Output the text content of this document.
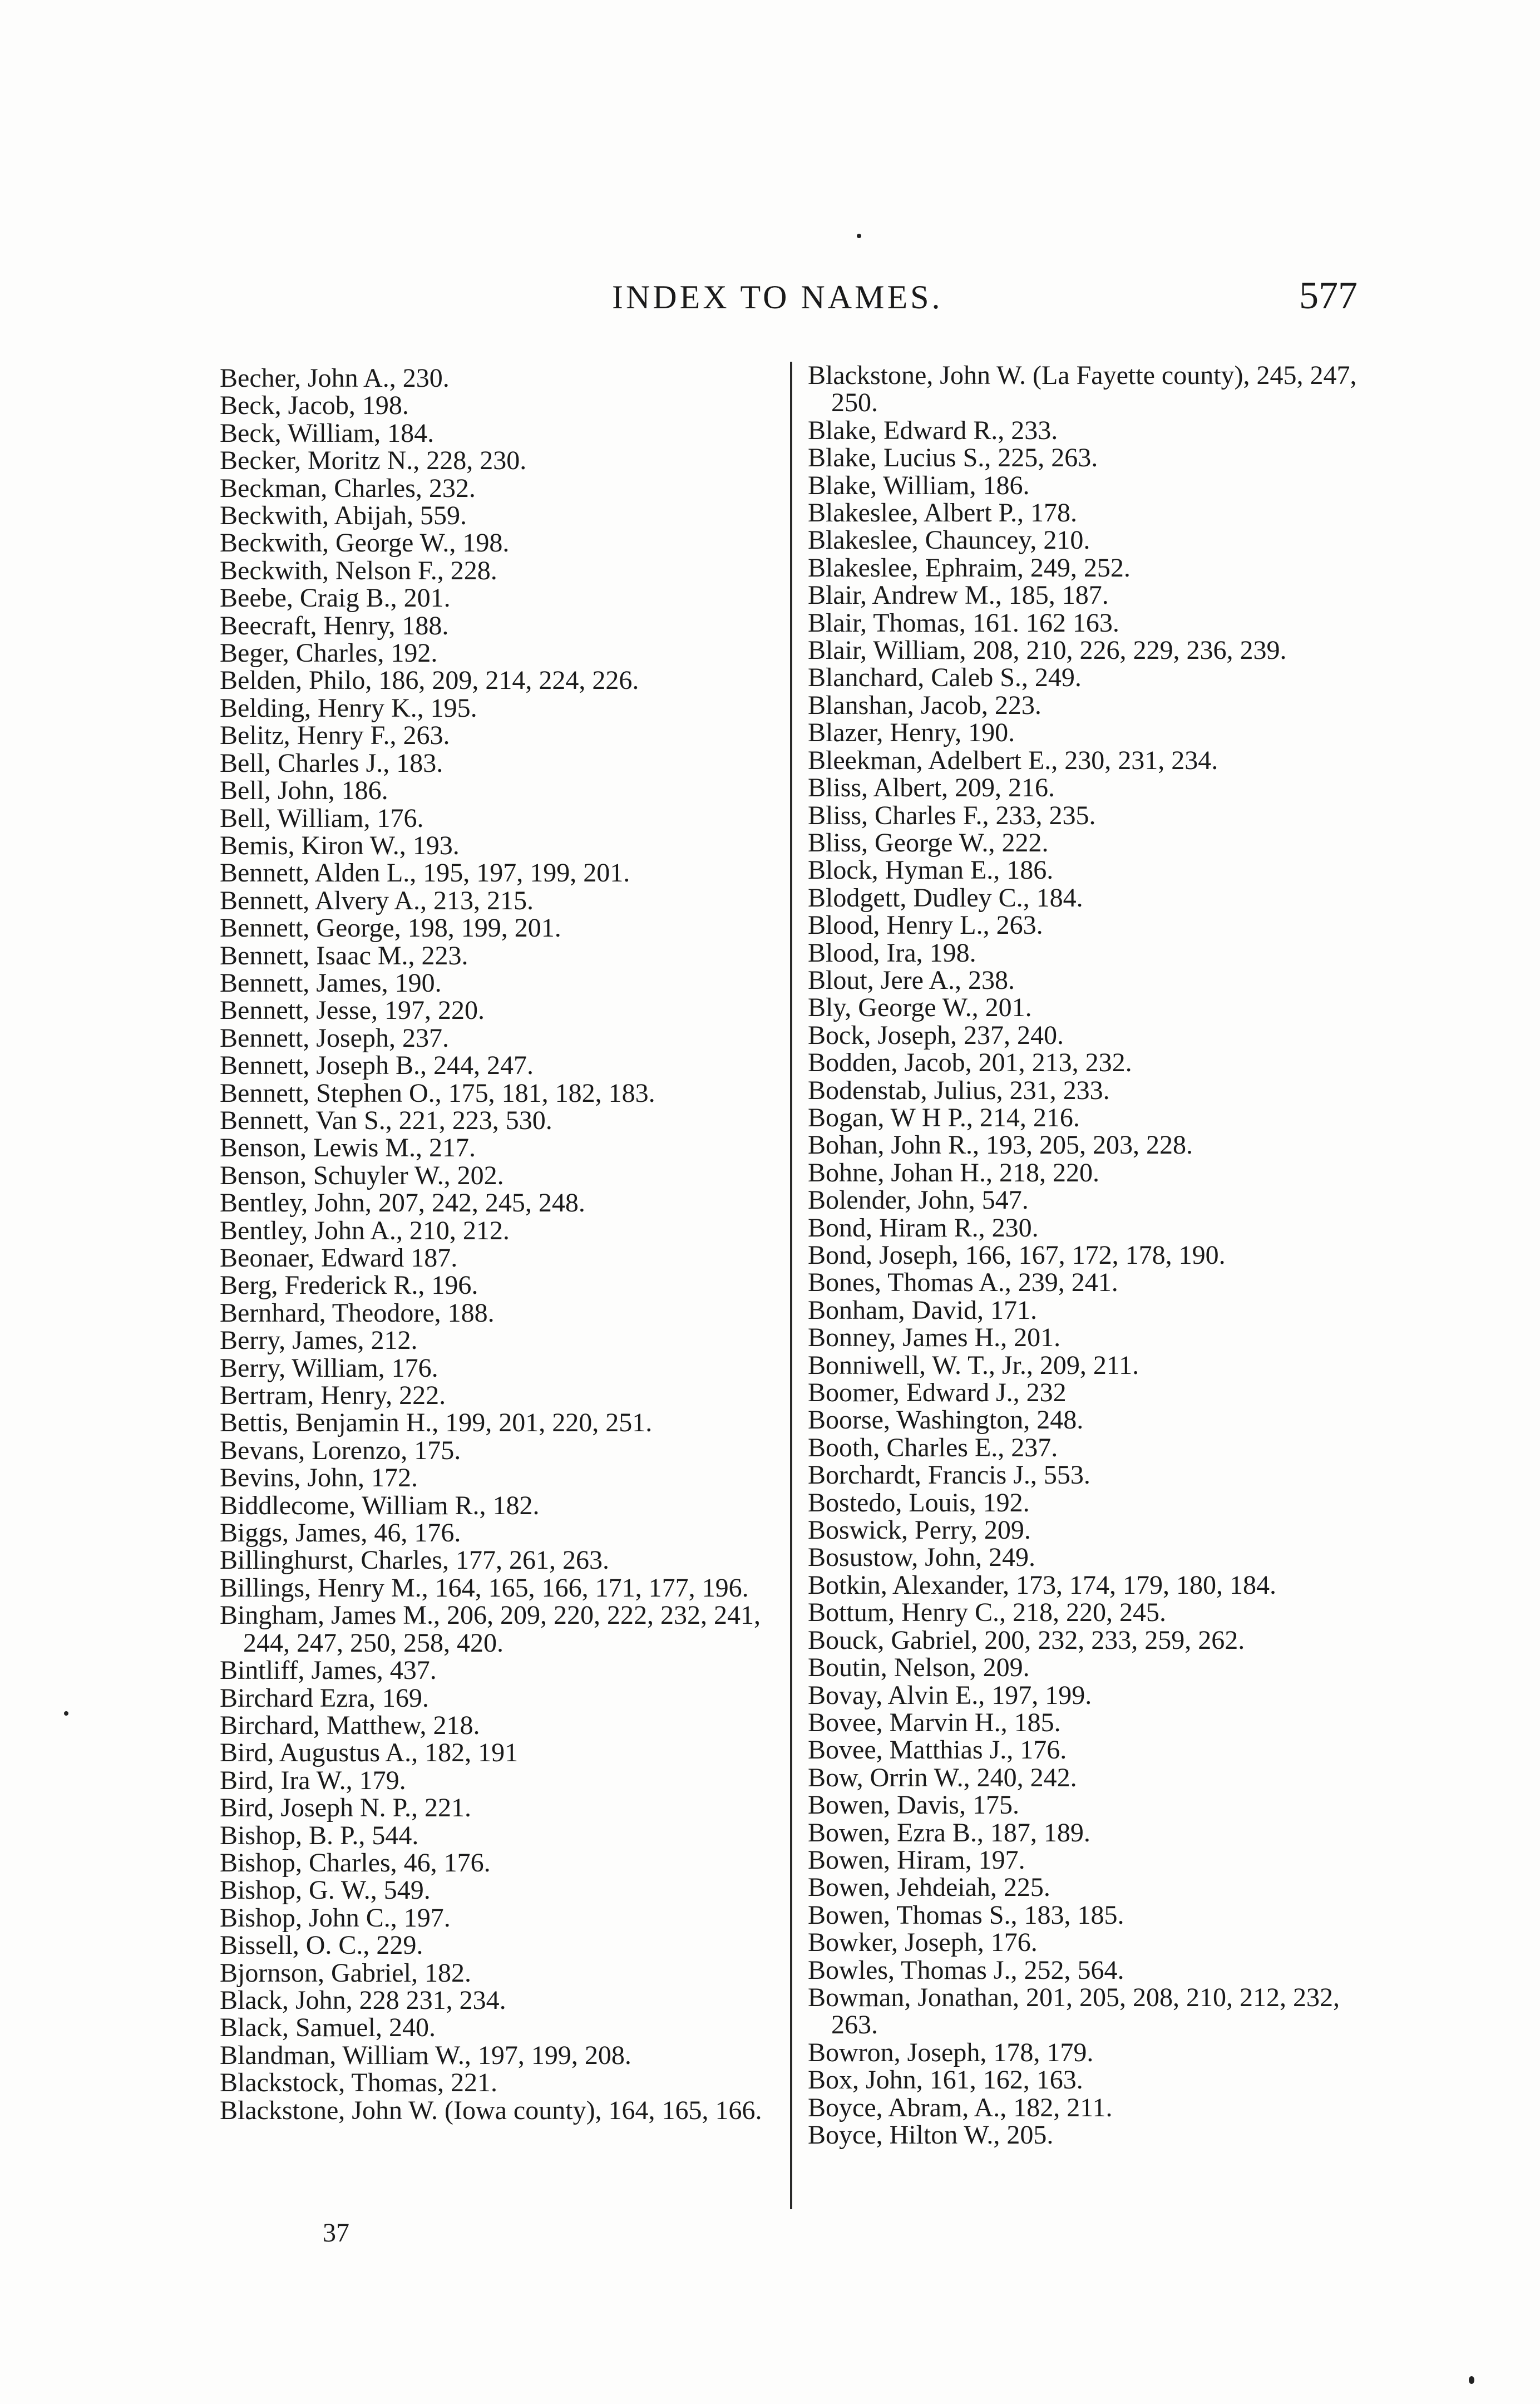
INDEX TO NAMES.	577

Becher, John A., 230.

Beck, Jacob, 198.

Beck, William, 184.

Becker, Moritz N., 228, 230.

Beckman, Charles, 232.

Beckwith, Abijah, 559.

Beckwith, George W., 198.

Beckwith, Nelson F., 228.

Beebe, Craig B., 201.

Beecraft, Henry, 188.

Beger, Charles, 192.

Belden, Philo, 186, 209, 214, 224, 226.

Belding, Henry K., 195.

Belitz, Henry F., 263.

Bell, Charles J., 183.

Bell, John, 186.

Bell, William, 176.

Bemis, Kiron W., 193.

Bennett, Alden L., 195, 197, 199, 201.

Bennett, Alvery A., 213, 215.

Bennett, George, 198, 199, 201.

Bennett, Isaac M., 223.

Bennett, James, 190.

Bennett, Jesse, 197, 220.

Bennett, Joseph, 237.

Bennett, Joseph B., 244, 247.

Bennett, Stephen O., 175, 181, 182, 183.

Bennett, Van S., 221, 223, 530.

Benson, Lewis M., 217.

Benson, Schuyler W., 202.

Bentley, John, 207, 242, 245, 248.

Bentley, John A., 210, 212.

Beonaer, Edward 187.

Berg, Frederick R., 196.

Bernhard, Theodore, 188.

Berry, James, 212.

Berry, William, 176.

Bertram, Henry, 222.

Bettis, Benjamin H., 199, 201, 220, 251.

Bevans, Lorenzo, 175.

Bevins, John, 172.

Biddlecome, William R., 182.

Biggs, James, 46, 176.

Billinghurst, Charles, 177, 261, 263.

Billings, Henry M., 164, 165, 166, 171, 177, 196.

Bingham, James M., 206, 209, 220, 222, 232, 241, 244, 247, 250, 258, 420.

Bintliff, James, 437.

Birchard Ezra, 169.

Birchard, Matthew, 218.

Bird, Augustus A., 182, 191

Bird, Ira W., 179.

Bird, Joseph N. P., 221.

Bishop, B. P., 544.

Bishop, Charles, 46, 176.

Bishop, G. W., 549.

Bishop, John C., 197.

Bissell, O. C., 229.

Bjornson, Gabriel, 182.

Black, John, 228 231, 234.

Black, Samuel, 240.

Blandman, William W., 197, 199, 208.

Blackstock, Thomas, 221.

Blackstone, John W. (Iowa county), 164, 165, 166.

Blackstone, John W. (La Fayette county), 245, 247, 250.

Blake, Edward R., 233.

Blake, Lucius S., 225, 263.

Blake, William, 186.

Blakeslee, Albert P., 178.

Blakeslee, Chauncey, 210.

Blakeslee, Ephraim, 249, 252.

Blair, Andrew M., 185, 187.

Blair, Thomas, 161. 162 163.

Blair, William, 208, 210, 226, 229, 236, 239.

Blanchard, Caleb S., 249.

Blanshan, Jacob, 223.

Blazer, Henry, 190.

Bleekman, Adelbert E., 230, 231, 234.

Bliss, Albert, 209, 216.

Bliss, Charles F., 233, 235.

Bliss, George W., 222.

Block, Hyman E., 186.

Blodgett, Dudley C., 184.

Blood, Henry L., 263.

Blood, Ira, 198.

Blout, Jere A., 238.

Bly, George W., 201.

Bock, Joseph, 237, 240.

Bodden, Jacob, 201, 213, 232.

Bodenstab, Julius, 231, 233.

Bogan, W H P., 214, 216.

Bohan, John R., 193, 205, 203, 228.

Bohne, Johan H., 218, 220.

Bolender, John, 547.

Bond, Hiram R., 230.

Bond, Joseph, 166, 167, 172, 178, 190.

Bones, Thomas A., 239, 241.

Bonham, David, 171.

Bonney, James H., 201.

Bonniwell, W. T., Jr., 209, 211.

Boomer, Edward J., 232

Boorse, Washington, 248.

Booth, Charles E., 237.

Borchardt, Francis J., 553.

Bostedo, Louis, 192.

Boswick, Perry, 209.

Bosustow, John, 249.

Botkin, Alexander, 173, 174, 179, 180, 184.

Bottum, Henry C., 218, 220, 245.

Bouck, Gabriel, 200, 232, 233, 259, 262.

Boutin, Nelson, 209.

Bovay, Alvin E., 197, 199.

Bovee, Marvin H., 185.

Bovee, Matthias J., 176.

Bow, Orrin W., 240, 242.

Bowen, Davis, 175.

Bowen, Ezra B., 187, 189.

Bowen, Hiram, 197.

Bowen, Jehdeiah, 225.

Bowen, Thomas S., 183, 185.

Bowker, Joseph, 176.

Bowles, Thomas J., 252, 564.

Bowman, Jonathan, 201, 205, 208, 210, 212, 232, 263.

Bowron, Joseph, 178, 179.

Box, John, 161, 162, 163.

Boyce, Abram, A., 182, 211.

Boyce, Hilton W., 205.

37
